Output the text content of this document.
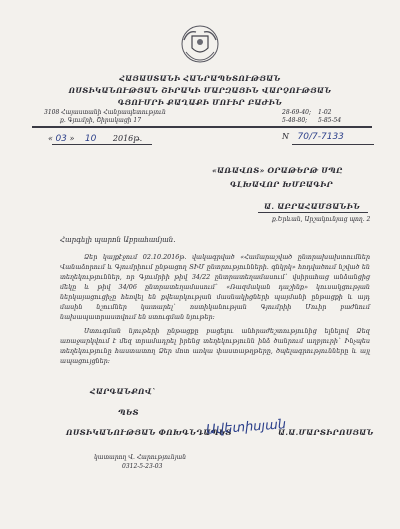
ՀԱՅԱՍՏԱՆԻ ՀԱՆՐԱՊԵՏՈՒԹՅԱՆ
ՈՍՏԻԿԱՆՈՒԹՅԱՆ ՇԻՐԱԿԻ ՄԱՐԶԱՅԻՆ ՎԱՐՉՈՒԹՅԱՆ
ԳՅՈՒՄՐԻ ՔԱՂԱՔԻ ՄՈՒԻՐ ԲԱԺԻՆ
3108 Հայաստանի Հանրապետություն
ք. Գյումրի, Շիրակացի 17
28-69-40;
5-48-80;
1-02
5-85-54
« 03 » 10 2016թ.	N 70/7-7133
«ԱՌԱՎՈՏ» ՕՐԱԹԵՐԹ ՍՊԸ
ԳԼԽԱՎՈՐ ԽՄԲԱԳԻՐ
Ա. ԱԲՐԱՀԱՄՅԱՆԻՆ
ք.Երևան, Արշակունյաց պող. 2
Հարգելի պարոն Աբրահամյան.
Ձեր կայքէջում 02.10.2016թ. վակագրված «Համարաշված ընտրախախտումներ Վանաձորում և Գյումրիում ընթացող ՏԻՄ ընտրությունների. գնկրկ» հոդվածում նշված են տեղեկություններ, որ Գյումրիի թիվ 34/22 ընտրատեղամասում` վսիրահաց անձանցից մեկը և թիվ 34/06 ընտրատեղամասում` «Ռազմական դաշինք» կուսակցության ներկայացուցիչը հեռվել են քվեարկության մասնակիցների պայմանի ընթացքի և այդ մասին նշումներ կատարել` ոստիկանության Գյումրիի Մուիր բաժնում նախապատրաստվում են ստուգման նյութեր:
Ստուգման նյութերի ընթացքը բացելու անհրաժեշտությունից ելնելով Ձեզ առաջարկվում է մեզ տրամադրել իրենց տեղեկությունն ինձ ծանրում աղբյուրի` Ինչպես տեղեկությունը հաստատող Ձեր մոտ առկա փաստաթղթերը, ծպելագրությունները և այլ ապացույցներ:
ՀԱՐԳԱՆՔՈՎ`
ՊԵՏ
ՈՍՏԻԿԱՆՈՒԹՅԱՆ ՓՈԽԳՆԴԱՊԵՏ
Ավետիսյան
Ա.Ա.ՄԱՐՏԻՐՈՍՅԱՆ
կատարող Վ. Հարությունյան
0312-5-23-03
